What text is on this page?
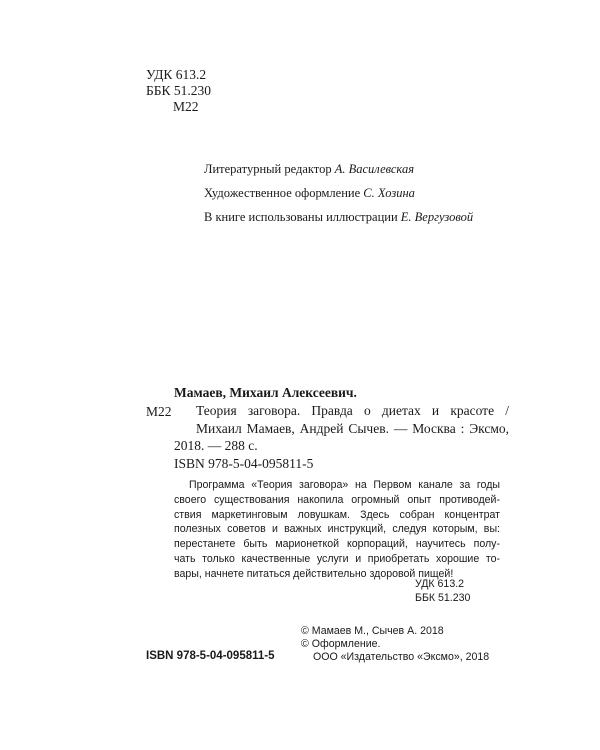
УДК 613.2
ББК 51.230
М22
Литературный редактор А. Василевская
Художественное оформление С. Хозина
В книге использованы иллюстрации Е. Вергузовой
Мамаев, Михаил Алексеевич.
М22 Теория заговора. Правда о диетах и красоте /
Михаил Мамаев, Андрей Сычев. — Москва : Эксмо,
2018. — 288 с.
ISBN 978-5-04-095811-5
Программа «Теория заговора» на Первом канале за годы
своего существования накопила огромный опыт противодей-
ствия маркетинговым ловушкам. Здесь собран концентрат
полезных советов и важных инструкций, следуя которым, вы:
перестанете быть марионеткой корпораций, научитесь полу-
чать только качественные услуги и приобретать хорошие то-
вары, начнете питаться действительно здоровой пищей!
УДК 613.2
ББК 51.230
© Мамаев М., Сычев А. 2018
© Оформление.
ООО «Издательство «Эксмо», 2018
ISBN 978-5-04-095811-5
